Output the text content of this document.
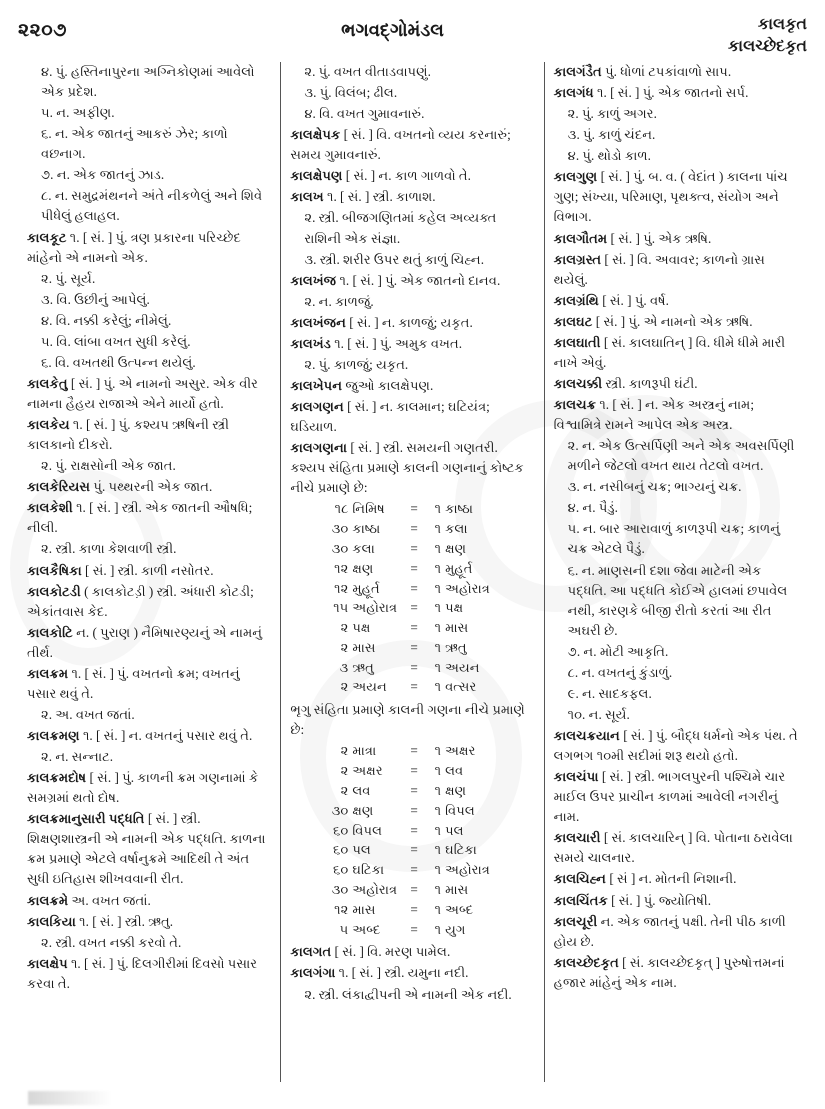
૨૨૦૭	ભગવદ્ગોમંડલ	કાલકૃત
કાલચ્છેદકૃત

૪. પું. હસ્તિનાપુરના અગ્નિકોણમાં આવેલો એક પ્રદેશ.

૫. ન. અફીણ.

૬. ન. એક જાતનું આકરું ઝેર; કાળો વછનાગ.

૭. ન. એક જાતનું ઝાડ.

૮. ન. સમુદ્રમંથનને અંતે નીકળેલું અને શિવે પીધેલું હલાહલ.

કાલકૂટ ૧. [ સં. ] પું. ત્રણ પ્રકારના પરિચ્છેદ માંહેનો એ નામનો એક.

૨. પું. સૂર્ય.

૩. વિ. ઉછીનું આપેલું.

૪. વિ. નક્કી કરેલું; નીમેલું.

૫. વિ. લાંબા વખત સુધી કરેલું.

૬. વિ. વખતથી ઉત્પન્ન થયેલું.

કાલકેતુ [ સં. ] પું. એ નામનો અસુર. એક વીર નામના હૈહય રાજાએ એને માર્યો હતો.

કાલકેય ૧. [ સં. ] પું. કશ્યપ ઋષિની સ્ત્રી કાલકાનો દીકરો.

૨. પું. રાક્ષસોની એક જાત.

કાલકેરિયસ પું. પથ્થરની એક જાત.

કાલકેશી ૧. [ સં. ] સ્ત્રી. એક જાતની ઔષધિ; નીલી.

૨. સ્ત્રી. કાળા કેશવાળી સ્ત્રી.

કાલકૈષિકા [ સં. ] સ્ત્રી. કાળી નસોતર.

કાલકોટડી ( કાલકોટડ઼ી ) સ્ત્રી. અંધારી કોટડી; એકાંતવાસ કેદ.

કાલકોટિ ન. ( પુરાણ ) નૈમિષારણ્યનું એ નામનું તીર્થ.

કાલક્રમ ૧. [ સં. ] પું. વખતનો ક્રમ; વખતનું પસાર થવું તે.

૨. અ. વખત જતાં.

કાલક્રમણ ૧. [ સં. ] ન. વખતનું પસાર થવું તે.

૨. ન. સન્નાટ.

કાલક્રમદોષ [ સં. ] પું. કાળની ક્રમ ગણનામાં કે સમગ્રમાં થતો દોષ.

કાલક્રમાનુસારી પદ્ધતિ [ સં. ] સ્ત્રી. શિક્ષણશાસ્ત્રની એ નામની એક પદ્ધતિ. કાળના ક્રમ પ્રમાણે એટલે વર્ષાનુક્રમે આદિથી તે અંત સુધી ઇતિહાસ શીખવવાની રીત.

કાલક્રમે અ. વખત જતાં.

કાલકિયા ૧. [ સં. ] સ્ત્રી. ઋતુ.

૨. સ્ત્રી. વખત નક્કી કરવો તે.

કાલક્ષેપ ૧. [ સં. ] પું. દિલગીરીમાં દિવસો પસાર કરવા તે.

૨. પું. વખત વીતાડવાપણું.

૩. પું. વિલંબ; ઢીલ.

૪. વિ. વખત ગુમાવનારું.

કાલક્ષેપક [ સં. ] વિ. વખતનો વ્યય કરનારું; સમય ગુમાવનારું.

કાલક્ષેપણ [ સં. ] ન. કાળ ગાળવો તે.

કાલખ ૧. [ સં. ] સ્ત્રી. કાળાશ.

૨. સ્ત્રી. બીજગણિતમાં કહેલ અવ્યક્ત રાશિની એક સંજ્ઞા.

૩. સ્ત્રી. શરીર ઉપર થતું કાળું ચિહ્ન.

કાલખંજ ૧. [ સં. ] પું. એક જાતનો દાનવ.

૨. ન. કાળજું.

કાલખંજન [ સં. ] ન. કાળજું; યકૃત.

કાલખંડ ૧. [ સં. ] પું. અમુક વખત.

૨. પું. કાળજું; યકૃત.

કાલખેપન જુઓ કાલક્ષેપણ.

કાલગણન [ સં. ] ન. કાલમાન; ઘટિયંત્ર; ઘડિયાળ.

કાલગણના [ સં. ] સ્ત્રી. સમયની ગણતરી. કશ્યપ સંહિતા પ્રમાણે કાલની ગણનાનું કોષ્ટક નીચે પ્રમાણે છે:

૧૮	નિમિષ	=	૧	કાષ્ઠા
૩૦	કાષ્ઠા	=	૧	કલા
૩૦	કલા	=	૧	ક્ષણ
૧૨	ક્ષણ	=	૧	મુહૂર્ત
૧૨	મુહૂર્ત	=	૧	અહોરાત્ર
૧૫	અહોરાત્ર	=	૧	પક્ષ
૨	પક્ષ	=	૧	માસ
૨	માસ	=	૧	ઋતુ
૩	ઋતુ	=	૧	અયન
૨	અયન	=	૧	વત્સર

ભૃગુ સંહિતા પ્રમાણે કાલની ગણના નીચે પ્રમાણે છે:

૨	માત્રા	=	૧	અક્ષર
૨	અક્ષર	=	૧	લવ
૨	લવ	=	૧	ક્ષણ
૩૦	ક્ષણ	=	૧	વિપલ
૬૦	વિપલ	=	૧	પલ
૬૦	પલ	=	૧	ઘટિકા
૬૦	ઘટિકા	=	૧	અહોરાત્ર
૩૦	અહોરાત્ર	=	૧	માસ
૧૨	માસ	=	૧	અબ્દ
૫	અબ્દ	=	૧	યુગ

કાલગત [ સં. ] વિ. મરણ પામેલ.

કાલગંગા ૧. [ સં. ] સ્ત્રી. યમુના નદી.

૨. સ્ત્રી. લંકાદ્વીપની એ નામની એક નદી.

કાલગંડૈત પું. ધોળાં ટપકાંવાળો સાપ.

કાલગંધ ૧. [ સં. ] પું. એક જાતનો સર્પ.

૨. પું. કાળું અગર.

૩. પું. કાળું ચંદન.

૪. પું. થોડો કાળ.

કાલગુણ [ સં. ] પું. બ. વ. ( વેદાંત ) કાલના પાંચ ગુણ; સંખ્યા, પરિમાણ, પૃથક્ત્વ, સંયોગ અને વિભાગ.

કાલગૌતમ [ સં. ] પું. એક ઋષિ.

કાલગ્રસ્ત [ સં. ] વિ. અવાવર; કાળનો ગ્રાસ થયેલું.

કાલગ્રંથિ [ સં. ] પું. વર્ષ.

કાલઘટ [ સં. ] પું. એ નામનો એક ઋષિ.

કાલઘાતી [ સં. કાલઘાતિન્ ] વિ. ધીમે ધીમે મારી નાખે એવું.

કાલચક્કી સ્ત્રી. કાળરૂપી ઘંટી.

કાલચક્ર ૧. [ સં. ] ન. એક અસ્ત્રનું નામ; વિશ્વામિત્રે રામને આપેલ એક અસ્ત્ર.

૨. ન. એક ઉત્સર્પિણી અને એક અવસર્પિણી મળીને જેટલો વખત થાય તેટલો વખત.

૩. ન. નસીબનું ચક્ર; ભાગ્યનું ચક્ર.

૪. ન. પૈડું.

૫. ન. બાર આરાવાળું કાળરૂપી ચક્ર; કાળનું ચક્ર એટલે પૈડું.

૬. ન. માણસની દશા જેવા માટેની એક પદ્ધતિ. આ પદ્ધતિ કોઈએ હાલમાં છપાવેલ નથી, કારણકે બીજી રીતો કરતાં આ રીત અઘરી છે.

૭. ન. મોટી આકૃતિ.

૮. ન. વખતનું કુંડાળું.

૯. ન. સાદકફલ.

૧૦. ન. સૂર્ય.

કાલચક્રયાન [ સં. ] પું. બૌદ્ધ ધર્મનો એક પંથ. તે લગભગ ૧૦મી સદીમાં શરૂ થયો હતો.

કાલચંપા [ સં. ] સ્ત્રી. ભાગલપુરની પશ્ચિમે ચાર માઈલ ઉપર પ્રાચીન કાળમાં આવેલી નગરીનું નામ.

કાલચારી [ સં. કાલચારિન્ ] વિ. પોતાના ઠરાવેલા સમયે ચાલનાર.

કાલચિહ્ન [ સં ] ન. મોતની નિશાની.

કાલચિંતક [ સં. ] પું. જ્યોતિષી.

કાલચૂરી ન. એક જાતનું પક્ષી. તેની પીઠ કાળી હોય છે.

કાલચ્છેદકૃત [ સં. કાલચ્છેદકૃત્ ] પુરુષોત્તમનાં હજાર માંહેનું એક નામ.
